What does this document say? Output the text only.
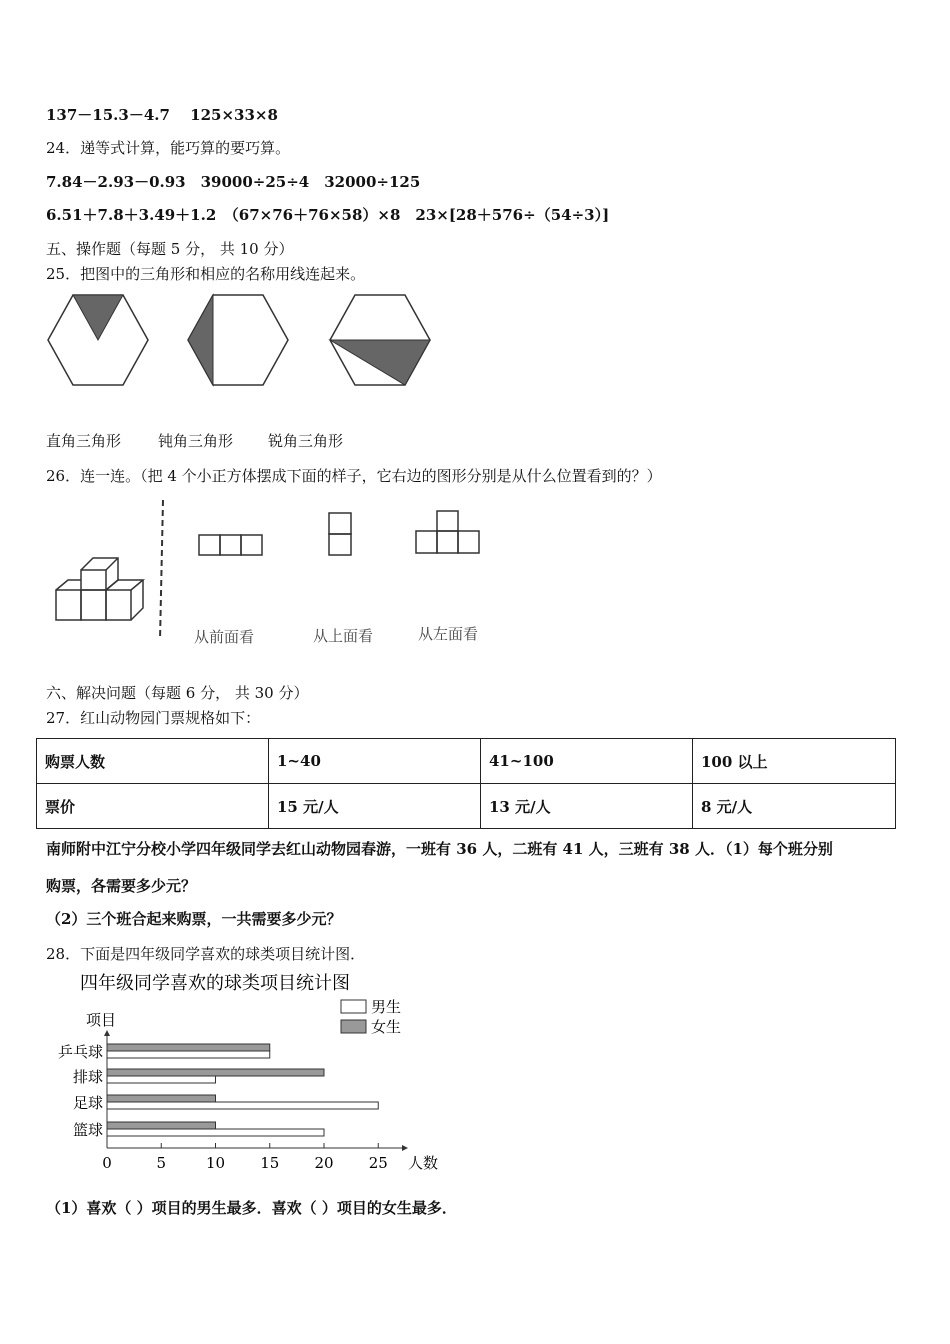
137－15.3－4.7　 125×33×8
24．递等式计算，能巧算的要巧算。
7.84－2.93－0.93　39000÷25÷4　32000÷125
6.51＋7.8＋3.49＋1.2　（67×76＋76×58）×8　23×[28＋576÷（54÷3）]
五、操作题（每题 5 分， 共 10 分）
25．把图中的三角形和相应的名称用线连起来。
直角三角形 钝角三角形 锐角三角形
26．连一连。（把 4 个小正方体摆成下面的样子，它右边的图形分别是从什么位置看到的？）
从前面看	从上面看	从左面看
六、解决问题（每题 6 分， 共 30 分）
27．红山动物园门票规格如下：
购票人数	1~40	41~100	100 以上
票价	15 元/人	13 元/人	8 元/人
南师附中江宁分校小学四年级同学去红山动物园春游，一班有 36 人，二班有 41 人，三班有 38 人．（1）每个班分别
购票，各需要多少元？
（2）三个班合起来购票，一共需要多少元？
28．下面是四年级同学喜欢的球类项目统计图．
四年级同学喜欢的球类项目统计图
男生
女生
项目
人数
乒乓球
排球
足球
篮球
0	5	10 15 20 25
（1）喜欢（ ）项目的男生最多．喜欢（ ）项目的女生最多．
